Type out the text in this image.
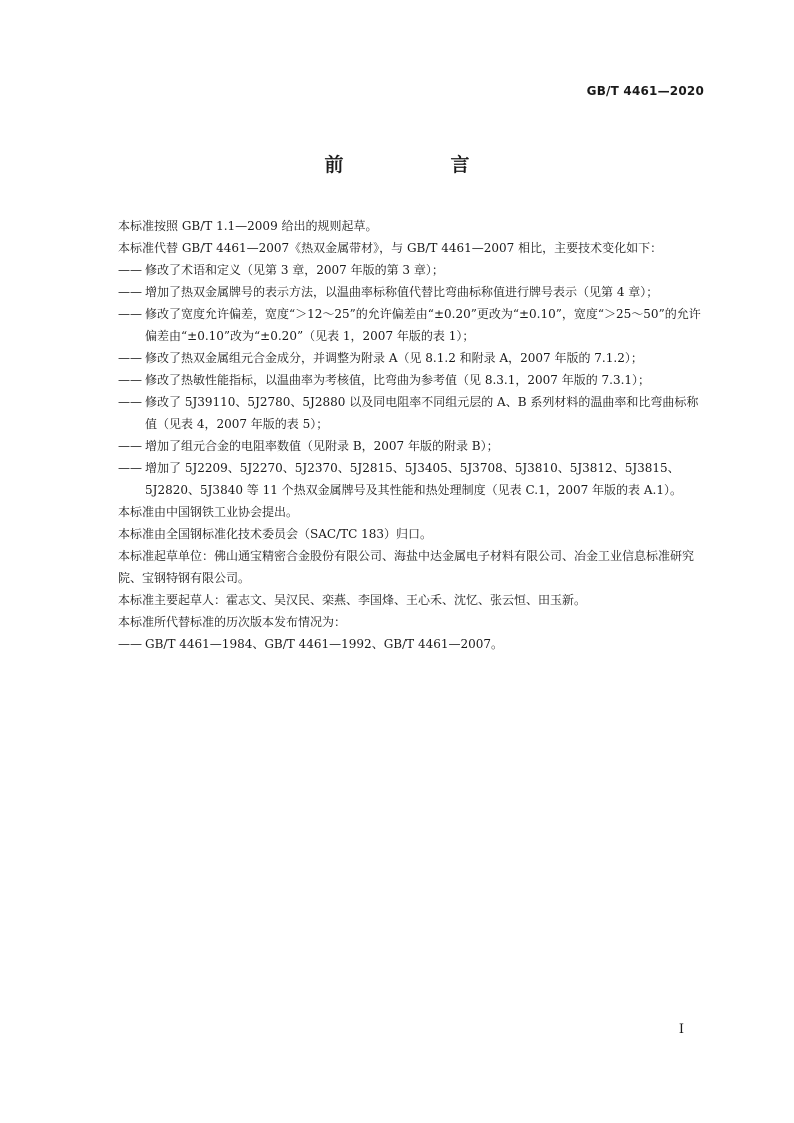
GB/T 4461—2020
前　言

本标准按照 GB/T 1.1—2009 给出的规则起草。

本标准代替 GB/T 4461—2007《热双金属带材》，与 GB/T 4461—2007 相比，主要技术变化如下：

—— 修改了术语和定义（见第 3 章，2007 年版的第 3 章）；

—— 增加了热双金属牌号的表示方法，以温曲率标称值代替比弯曲标称值进行牌号表示（见第 4 章）；

—— 修改了宽度允许偏差，宽度“＞12～25”的允许偏差由“±0.20”更改为“±0.10”，宽度“＞25～50”的允许偏差由“±0.10”改为“±0.20”（见表 1，2007 年版的表 1）；

—— 修改了热双金属组元合金成分，并调整为附录 A（见 8.1.2 和附录 A，2007 年版的 7.1.2）；

—— 修改了热敏性能指标，以温曲率为考核值，比弯曲为参考值（见 8.3.1，2007 年版的 7.3.1）；

—— 修改了 5J39110、5J2780、5J2880 以及同电阻率不同组元层的 A、B 系列材料的温曲率和比弯曲标称值（见表 4，2007 年版的表 5）；

—— 增加了组元合金的电阻率数值（见附录 B，2007 年版的附录 B）；

—— 增加了 5J2209、5J2270、5J2370、5J2815、5J3405、5J3708、5J3810、5J3812、5J3815、5J2820、5J3840 等 11 个热双金属牌号及其性能和热处理制度（见表 C.1，2007 年版的表 A.1）。

本标准由中国钢铁工业协会提出。

本标准由全国钢标准化技术委员会（SAC/TC 183）归口。

本标准起草单位：佛山通宝精密合金股份有限公司、海盐中达金属电子材料有限公司、冶金工业信息标准研究院、宝钢特钢有限公司。

本标准主要起草人：霍志文、吴汉民、栾燕、李国烽、王心禾、沈忆、张云恒、田玉新。

本标准所代替标准的历次版本发布情况为：

—— GB/T 4461—1984、GB/T 4461—1992、GB/T 4461—2007。

I
